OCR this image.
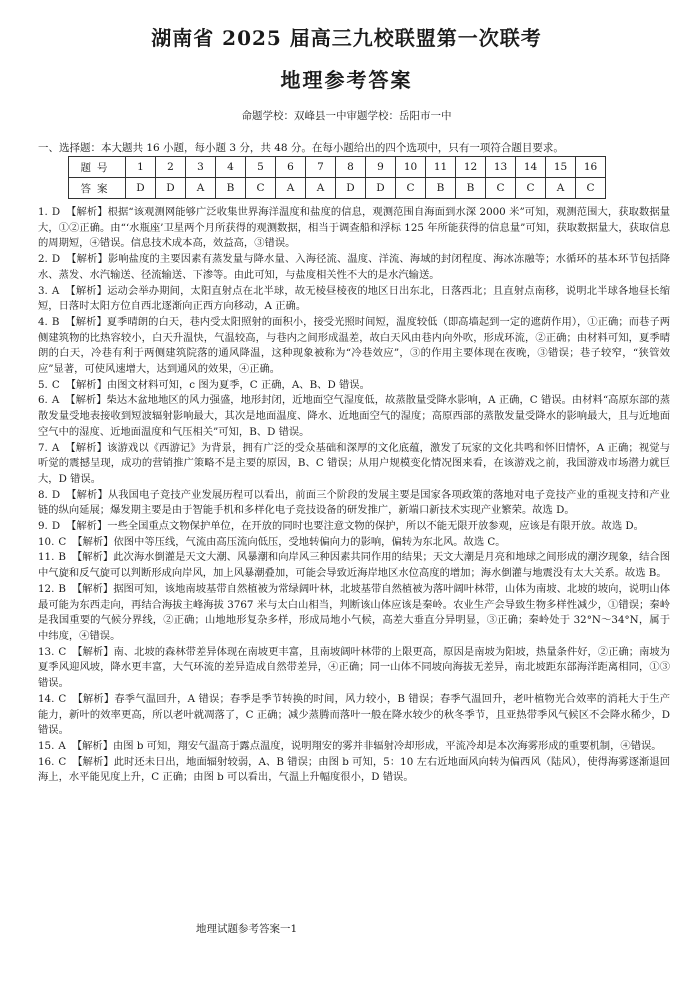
湖南省 2025 届高三九校联盟第一次联考
地理参考答案
命题学校：双峰县一中审题学校：岳阳市一中
一、选择题：本大题共 16 小题，每小题 3 分，共 48 分。在每小题给出的四个选项中，只有一项符合题目要求。
题号	1	2	3	4	5	6	7	8	9	10	11	12	13	14	15	16
答案	D	D	A	B	C	A	A	D	D	C	B	B	C	C	A	C

1. D 【解析】根据“该观测网能够广泛收集世界海洋温度和盐度的信息，观测范围自海面到水深 2000 米”可知，观测范围大，获取数据量大，①②正确。由“‘水瓶座’卫星两个月所获得的观测数据，相当于调查船和浮标 125 年所能获得的信息量”可知，获取数据量大，获取信息的周期短，④错误。信息技术成本高，效益高，③错误。

2. D 【解析】影响盐度的主要因素有蒸发量与降水量、入海径流、温度、洋流、海域的封闭程度、海冰冻融等；水循环的基本环节包括降水、蒸发、水汽输送、径流输送、下渗等。由此可知，与盐度相关性不大的是水汽输送。

3. A 【解析】运动会举办期间，太阳直射点在北半球，故无棱昼棱夜的地区日出东北，日落西北；且直射点南移，说明北半球各地昼长缩短，日落时太阳方位自西北逐渐向正西方向移动，A 正确。

4. B 【解析】夏季晴朗的白天，巷内受太阳照射的面积小，接受光照时间短，温度较低（即高墙起到一定的遮荫作用），①正确；而巷子两侧建筑物的比热容较小，白天升温快，气温较高，与巷内之间形成温差，故白天风由巷内向外吹，形成环流，②正确；由材料可知，夏季晴朗的白天，冷巷有利于两侧建筑院落的通风降温，这种现象被称为“冷巷效应”，③的作用主要体现在夜晚，③错误；巷子较窄，“狭管效应”显著，可使风速增大，达到通风的效果，④正确。

5. C 【解析】由图文材料可知，c 图为夏季，C 正确，A、B、D 错误。

6. A 【解析】柴达木盆地地区的风力强盛，地形封闭，近地面空气湿度低，故蒸散量受降水影响，A 正确，C 错误。由材料“高原东部的蒸散发量受地表接收到短波辐射影响最大，其次是地面温度、降水、近地面空气的湿度；高原西部的蒸散发量受降水的影响最大，且与近地面空气中的湿度、近地面温度和气压相关”可知，B、D 错误。

7. A 【解析】该游戏以《西游记》为背景，拥有广泛的受众基础和深厚的文化底蕴，激发了玩家的文化共鸣和怀旧情怀，A 正确；视觉与听觉的震撼呈现，成功的营销推广策略不是主要的原因，B、C 错误；从用户规模变化情况图来看，在该游戏之前，我国游戏市场潜力就巨大，D 错误。

8. D 【解析】从我国电子竞技产业发展历程可以看出，前面三个阶段的发展主要是国家各项政策的落地对电子竞技产业的重视支持和产业链的纵向延展；爆发期主要是由于智能手机和多样化电子竞技设备的研发推广，新端口新技术实现产业繁荣。故选 D。

9. D 【解析】一些全国重点文物保护单位，在开放的同时也要注意文物的保护，所以不能无限开放参观，应该是有限开放。故选 D。

10. C 【解析】依图中等压线，气流由高压流向低压，受地转偏向力的影响，偏转为东北风。故选 C。

11. B 【解析】此次海水倒灌是天文大潮、风暴潮和向岸风三种因素共同作用的结果；天文大潮是月亮和地球之间形成的潮汐现象，结合图中气旋和反气旋可以判断形成向岸风，加上风暴潮叠加，可能会导致近海岸地区水位高度的增加；海水倒灌与地震没有太大关系。故选 B。

12. B 【解析】据图可知，该地南坡基带自然植被为常绿阔叶林，北坡基带自然植被为落叶阔叶林带，山体为南坡、北坡的坡向，说明山体最可能为东西走向，再结合海拔主峰海拔 3767 米与太白山相当，判断该山体应该是秦岭。农业生产会导致生物多样性减少，①错误；秦岭是我国重要的气候分界线，②正确；山地地形复杂多样，形成局地小气候，高差大垂直分异明显，③正确；秦岭处于 32°N～34°N，属于中纬度，④错误。

13. C 【解析】南、北坡的森林带差异体现在南坡更丰富，且南坡阔叶林带的上限更高，原因是南坡为阳坡，热量条件好，②正确；南坡为夏季风迎风坡，降水更丰富，大气环流的差异造成自然带差异，④正确；同一山体不同坡向海拔无差异，南北坡距东部海洋距离相同，①③错误。

14. C 【解析】春季气温回升，A 错误；春季是季节转换的时间，风力较小，B 错误；春季气温回升，老叶植物光合效率的消耗大于生产能力，新叶的效率更高，所以老叶就凋落了，C 正确；减少蒸腾而落叶一般在降水较少的秋冬季节，且亚热带季风气候区不会降水稀少，D 错误。

15. A 【解析】由图 b 可知，翔安气温高于露点温度，说明翔安的雾并非辐射冷却形成，平流冷却是本次海雾形成的重要机制，④错误。

16. C 【解析】此时还未日出，地面辐射较弱，A、B 错误；由图 b 可知，5：10 左右近地面风向转为偏西风（陆风），使得海雾逐渐退回海上，水平能见度上升，C 正确；由图 b 可以看出，气温上升幅度很小，D 错误。

地理试题参考答案一1
